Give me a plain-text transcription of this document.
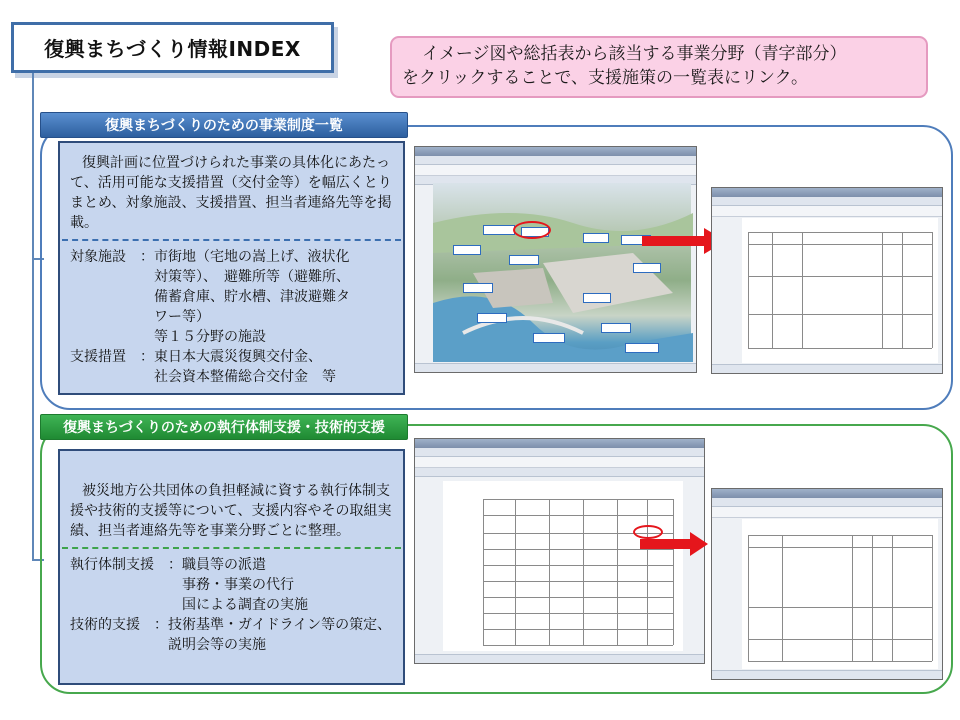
復興まちづくり情報INDEX	イメージ図や総括表から該当する事業分野（青字部分）
をクリックすることで、支援施策の一覧表にリンク。
復興まちづくりのための事業制度一覧
復興計画に位置づけられた事業の具体化にあたって、活用可能な支援措置（交付金等）を幅広くとりまとめ、対象施設、支援措置、担当者連絡先等を掲載。
対象施設　： 市街地（宅地の嵩上げ、液状化
対策等）、　避難所等（避難所、
備蓄倉庫、貯水槽、津波避難タ
ワー等）
等１５分野の施設
支援措置　： 東日本大震災復興交付金、
社会資本整備総合交付金　等
復興まちづくりのための執行体制支援・技術的支援
被災地方公共団体の負担軽減に資する執行体制支援や技術的支援等について、支援内容やその取組実績、担当者連絡先等を事業分野ごとに整理。
執行体制支援　： 職員等の派遣
事務・事業の代行
国による調査の実施
技術的支援　： 技術基準・ガイドライン等の策定、
説明会等の実施
